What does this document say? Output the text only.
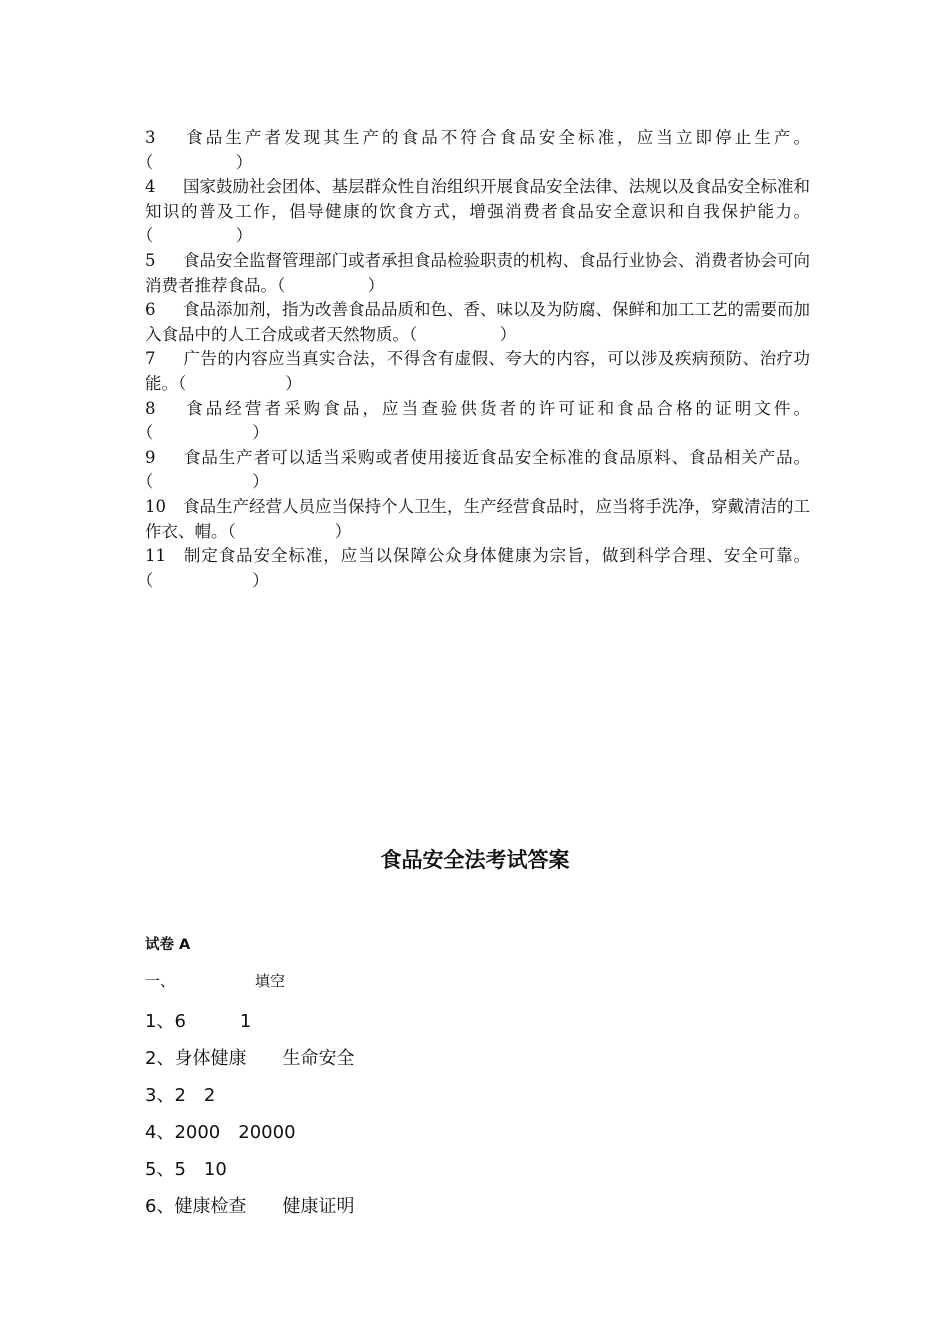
3 食品生产者发现其生产的食品不符合食品安全标准，应当立即停止生产。（　　　　　）

4 国家鼓励社会团体、基层群众性自治组织开展食品安全法律、法规以及食品安全标准和知识的普及工作，倡导健康的饮食方式，增强消费者食品安全意识和自我保护能力。（　　　　　）

5 食品安全监督管理部门或者承担食品检验职责的机构、食品行业协会、消费者协会可向消费者推荐食品。（　　　　　）

6 食品添加剂，指为改善食品品质和色、香、味以及为防腐、保鲜和加工工艺的需要而加入食品中的人工合成或者天然物质。（　　　　　）

7 广告的内容应当真实合法，不得含有虚假、夸大的内容，可以涉及疾病预防、治疗功能。（　　　　　　）

8 食品经营者采购食品，应当查验供货者的许可证和食品合格的证明文件。（　　　　　　）

9 食品生产者可以适当采购或者使用接近食品安全标准的食品原料、食品相关产品。（　　　　　　）

10 食品生产经营人员应当保持个人卫生，生产经营食品时，应当将手洗净，穿戴清洁的工作衣、帽。（　　　　　　）

11 制定食品安全标准，应当以保障公众身体健康为宗旨，做到科学合理、安全可靠。（　　　　　　）

食品安全法考试答案

试卷 A

一、	填空

1、6　　　1

2、身体健康　　生命安全

3、2　2

4、2000　20000

5、5　10

6、健康检查　　健康证明
